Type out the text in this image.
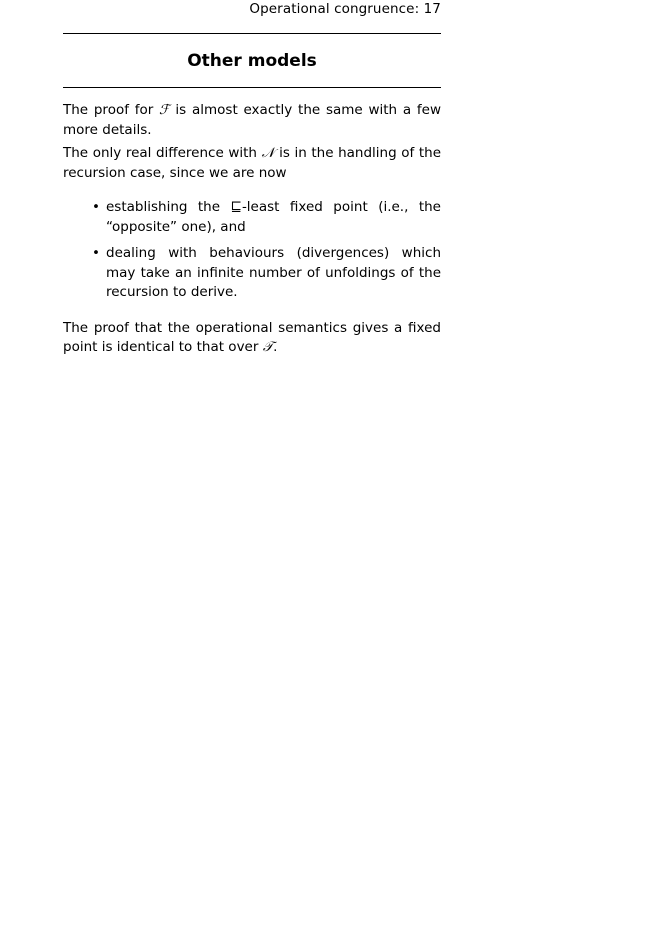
Operational congruence: 17
Other models

The proof for ℱ is almost exactly the same with a few more details.

The only real difference with 𝒩 is in the handling of the recursion case, since we are now

• establishing the ⊑-least fixed point (i.e., the “opposite” one), and
• dealing with behaviours (divergences) which may take an infinite number of unfoldings of the recursion to derive.

The proof that the operational semantics gives a fixed point is identical to that over 𝒯.
